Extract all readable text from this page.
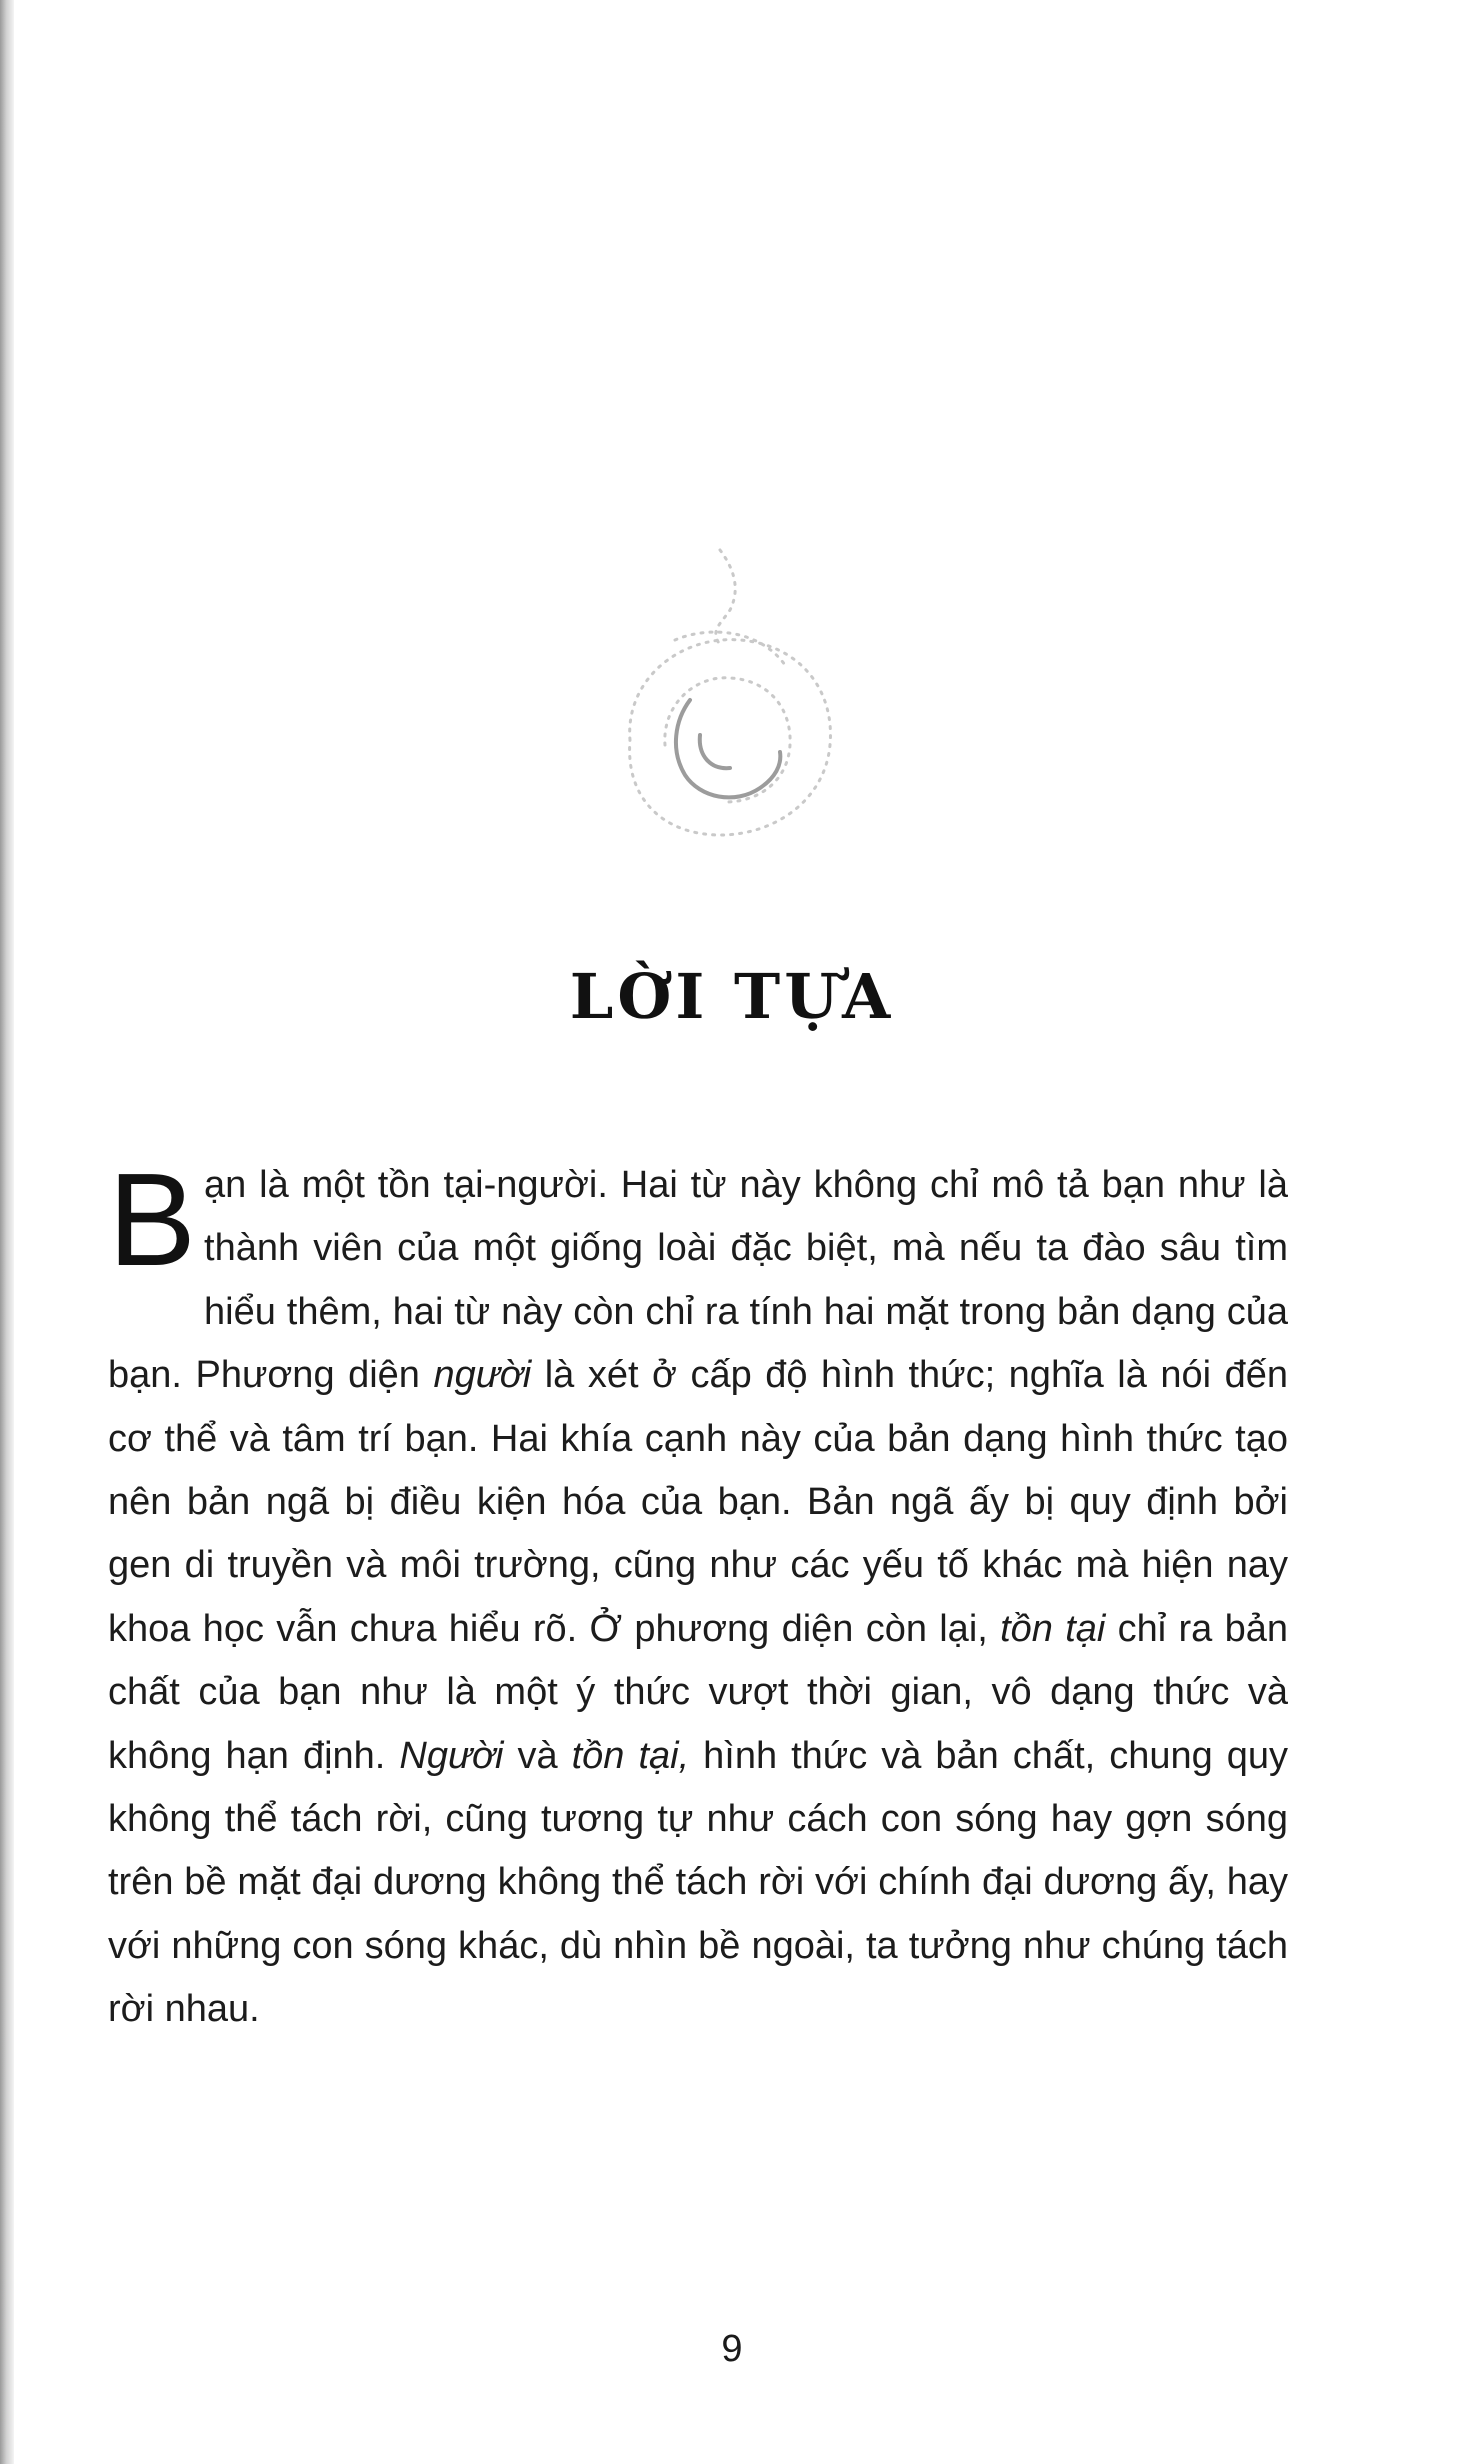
LỜI TỰA

Bạn là một tồn tại-người. Hai từ này không chỉ mô tả bạn như là thành viên của một giống loài đặc biệt, mà nếu ta đào sâu tìm hiểu thêm, hai từ này còn chỉ ra tính hai mặt trong bản dạng của bạn. Phương diện người là xét ở cấp độ hình thức; nghĩa là nói đến cơ thể và tâm trí bạn. Hai khía cạnh này của bản dạng hình thức tạo nên bản ngã bị điều kiện hóa của bạn. Bản ngã ấy bị quy định bởi gen di truyền và môi trường, cũng như các yếu tố khác mà hiện nay khoa học vẫn chưa hiểu rõ. Ở phương diện còn lại, tồn tại chỉ ra bản chất của bạn như là một ý thức vượt thời gian, vô dạng thức và không hạn định. Người và tồn tại, hình thức và bản chất, chung quy không thể tách rời, cũng tương tự như cách con sóng hay gợn sóng trên bề mặt đại dương không thể tách rời với chính đại dương ấy, hay với những con sóng khác, dù nhìn bề ngoài, ta tưởng như chúng tách rời nhau.

9
